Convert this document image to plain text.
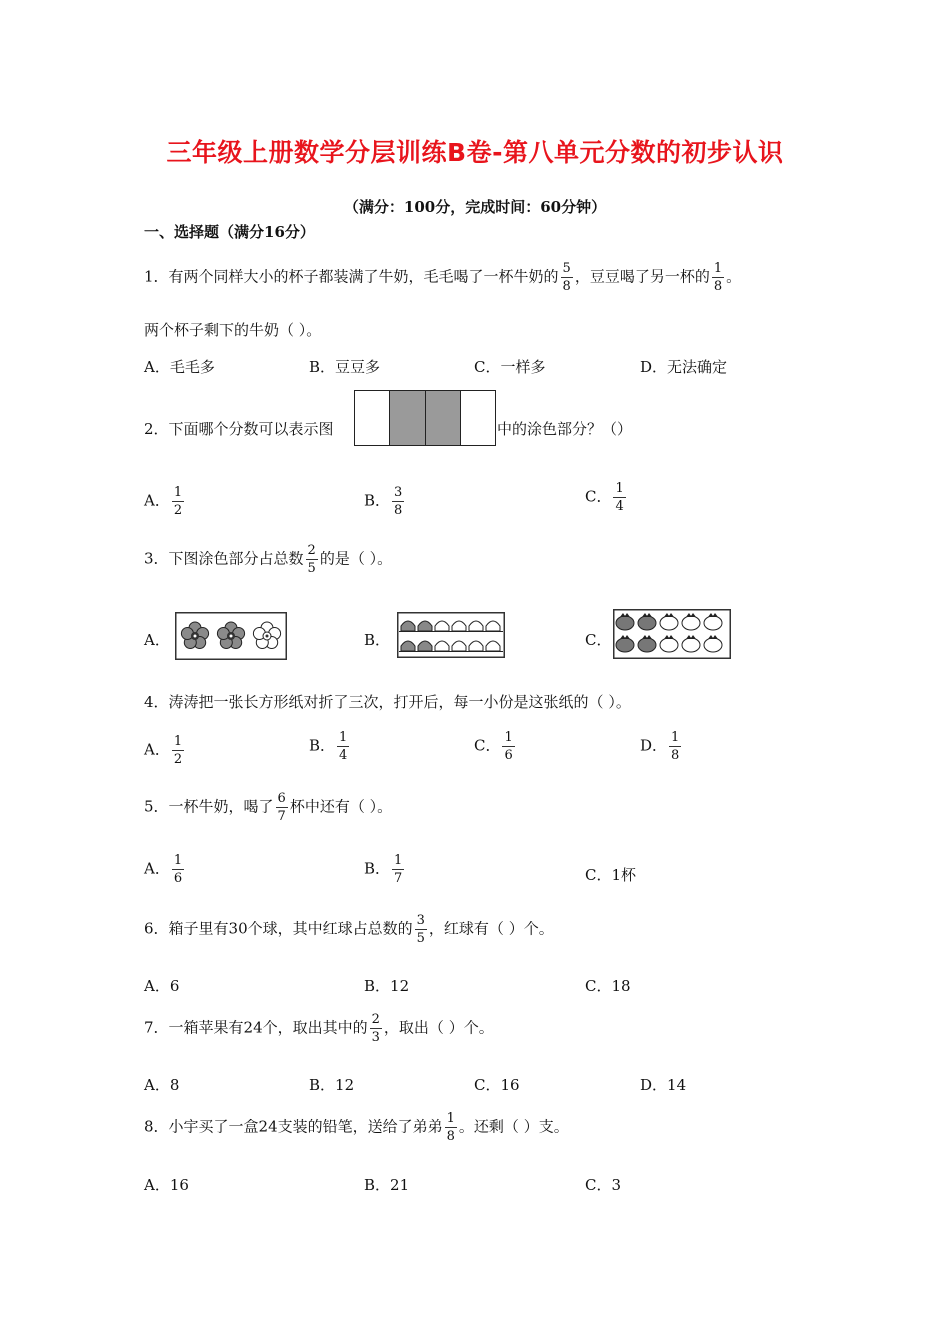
三年级上册数学分层训练B卷-第八单元分数的初步认识
（满分：100分，完成时间：60分钟）
一、选择题（满分16分）
1．有两个同样大小的杯子都装满了牛奶，毛毛喝了一杯牛奶的 $\frac{5}{8}$ ，豆豆喝了另一杯的 $\frac{1}{8}$ 。
两个杯子剩下的牛奶（ ）。
A．毛毛多	B．豆豆多	C．一样多	D．无法确定
2．下面哪个分数可以表示图	中的涂色部分？（）
A． $\frac{1}{2}$	B． $\frac{3}{8}$	C． $\frac{1}{4}$
3．下图涂色部分占总数 $\frac{2}{5}$ 的是（ ）。
A．	B．	C．
4．涛涛把一张长方形纸对折了三次，打开后，每一小份是这张纸的（ ）。
A． $\frac{1}{2}$	B． $\frac{1}{4}$	C． $\frac{1}{6}$	D． $\frac{1}{8}$
5．一杯牛奶，喝了 $\frac{6}{7}$ 杯中还有（ ）。
A． $\frac{1}{6}$	B． $\frac{1}{7}$	C．1杯
6．箱子里有30个球，其中红球占总数的 $\frac{3}{5}$ ，红球有（ ）个。
A．6	B．12	C．18
7．一箱苹果有24个，取出其中的 $\frac{2}{3}$ ，取出（ ）个。
A．8	B．12	C．16	D．14
8．小宇买了一盒24支装的铅笔，送给了弟弟 $\frac{1}{8}$ 。还剩（ ）支。
A．16	B．21	C．3
